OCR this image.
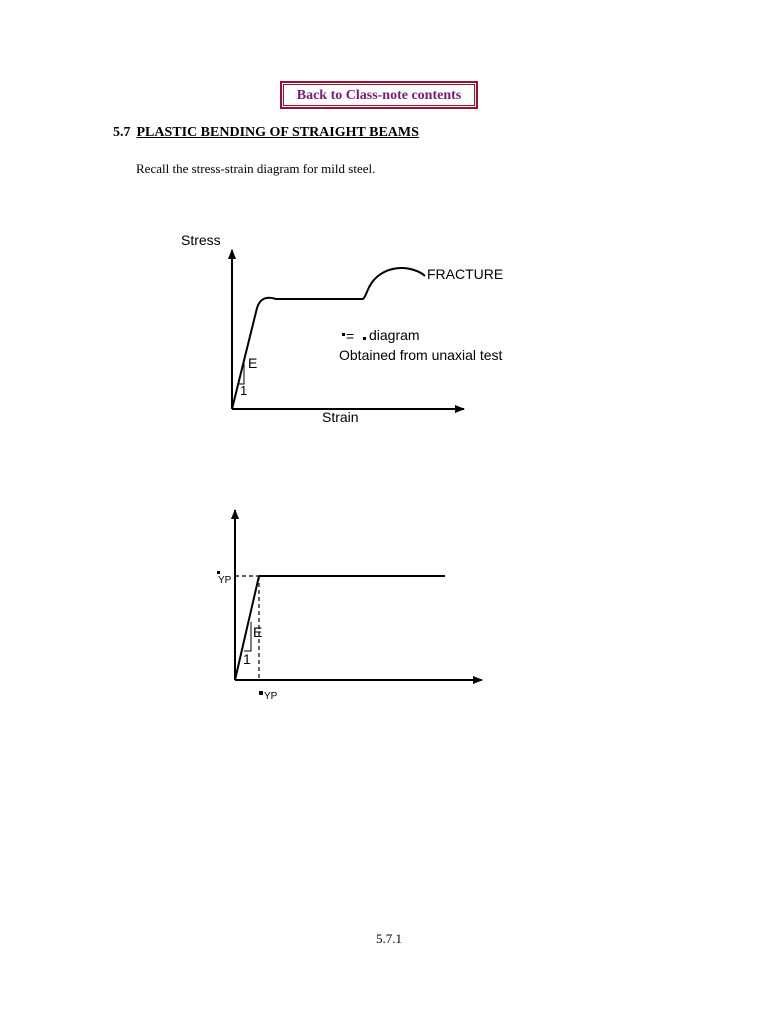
Back to Class-note contents
5.7 PLASTIC BENDING OF STRAIGHT BEAMS
Recall the stress-strain diagram for mild steel.
Stress
Strain
FRACTURE
E
1
= diagram
Obtained from unaxial test
YP
YP
E
1
5.7.1
